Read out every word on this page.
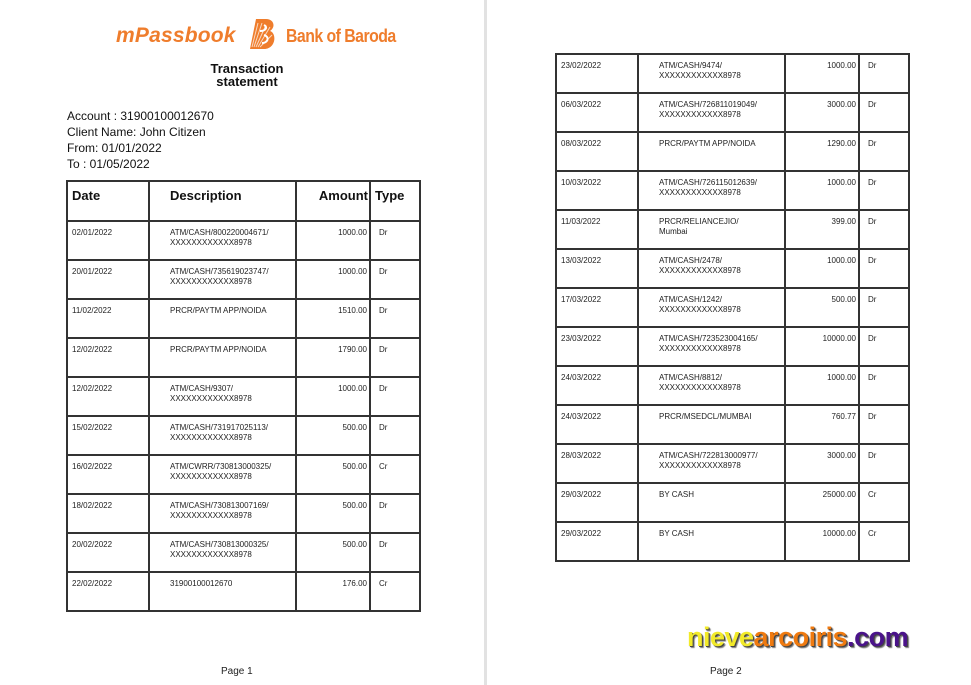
mPassbook	Bank of Baroda
Transaction
statement
Account : 31900100012670
Client Name: John Citizen
From: 01/01/2022
To : 01/05/2022
Date	Description	Amount	Type

02/01/2022	ATM/CASH/800220004671/
XXXXXXXXXXXX8978	1000.00	Dr

20/01/2022	ATM/CASH/735619023747/
XXXXXXXXXXXX8978	1000.00	Dr

11/02/2022	PRCR/PAYTM APP/NOIDA	1510.00	Dr

12/02/2022	PRCR/PAYTM APP/NOIDA	1790.00	Dr

12/02/2022	ATM/CASH/9307/
XXXXXXXXXXXX8978	1000.00	Dr

15/02/2022	ATM/CASH/731917025113/
XXXXXXXXXXXX8978	500.00	Dr

16/02/2022	ATM/CWRR/730813000325/
XXXXXXXXXXXX8978	500.00	Cr

18/02/2022	ATM/CASH/730813007169/
XXXXXXXXXXXX8978	500.00	Dr

20/02/2022	ATM/CASH/730813000325/
XXXXXXXXXXXX8978	500.00	Dr

22/02/2022	31900100012670	176.00	Cr
Page 1
23/02/2022	ATM/CASH/9474/
XXXXXXXXXXXX8978	1000.00	Dr

06/03/2022	ATM/CASH/726811019049/
XXXXXXXXXXXX8978	3000.00	Dr

08/03/2022	PRCR/PAYTM APP/NOIDA	1290.00	Dr

10/03/2022	ATM/CASH/726115012639/
XXXXXXXXXXXX8978	1000.00	Dr

11/03/2022	PRCR/RELIANCEJIO/
Mumbai	399.00	Dr

13/03/2022	ATM/CASH/2478/
XXXXXXXXXXXX8978	1000.00	Dr

17/03/2022	ATM/CASH/1242/
XXXXXXXXXXXX8978	500.00	Dr

23/03/2022	ATM/CASH/723523004165/
XXXXXXXXXXXX8978	10000.00	Dr

24/03/2022	ATM/CASH/8812/
XXXXXXXXXXXX8978	1000.00	Dr

24/03/2022	PRCR/MSEDCL/MUMBAI	760.77	Dr

28/03/2022	ATM/CASH/722813000977/
XXXXXXXXXXXX8978	3000.00	Dr

29/03/2022	BY CASH	25000.00	Cr

29/03/2022	BY CASH	10000.00	Cr
Page 2
nievearcoiris.com
